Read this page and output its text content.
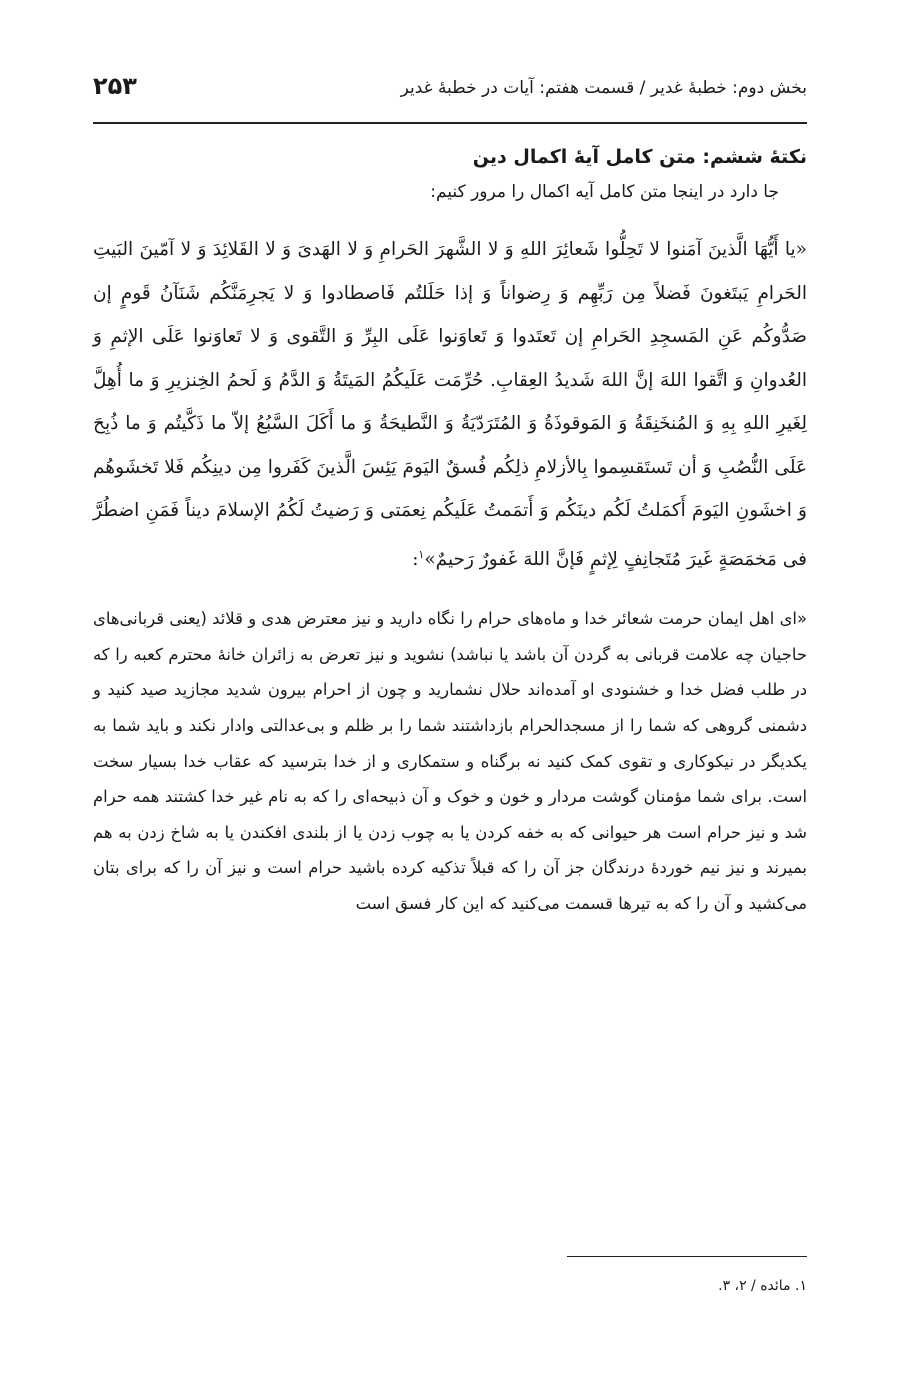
۲۵۳	بخش دوم: خطبۀ غدیر / قسمت هفتم: آیات در خطبۀ غدیر

نکتۀ ششم: متن کامل آیۀ اکمال دین

جا دارد در اینجا متن کامل آیه اکمال را مرور کنیم:

«یا أَیُّهَا الَّذینَ آمَنوا لا تَحِلُّوا شَعائِرَ اللهِ وَ لا الشَّهرَ الحَرامِ وَ لا الهَدیَ وَ لا القَلائِدَ وَ لا آمّینَ البَیتِ الحَرامِ یَبتَغونَ فَضلاً مِن رَبِّهِم وَ رِضواناً وَ إذا حَلَلتُم فَاصطادوا وَ لا یَجرِمَنَّکُم شَنَآنُ قَومٍ إن صَدُّوکُم عَنِ المَسجِدِ الحَرامِ إن تَعتَدوا وَ تَعاوَنوا عَلَی البِرِّ وَ التَّقوی وَ لا تَعاوَنوا عَلَی الإثمِ وَ العُدوانِ وَ اتَّقوا اللهَ إنَّ اللهَ شَدیدُ العِقابِ. حُرِّمَت عَلَیکُمُ المَیتَةُ وَ الدَّمُ وَ لَحمُ الخِنزیرِ وَ ما أُهِلَّ لِغَیرِ اللهِ بِهِ وَ المُنخَنِقَةُ وَ المَوقوذَةُ وَ المُتَرَدّیَةُ وَ النَّطیحَةُ وَ ما أَکَلَ السَّبُعُ إلاّ ما ذَکَّیتُم وَ ما ذُبِحَ عَلَی النُّصُبِ وَ أن تَستَقسِموا بِالأزلامِ ذلِکُم فُسقٌ الیَومَ یَئِسَ الَّذینَ کَفَروا مِن دینِکُم فَلا تَخشَوهُم وَ اخشَونِ الیَومَ أَکمَلتُ لَکُم دینَکُم وَ أَتمَمتُ عَلَیکُم نِعمَتی وَ رَضیتُ لَکُمُ الإسلامَ دیناً فَمَنِ اضطُرَّ فی مَخمَصَةٍ غَیرَ مُتَجانِفٍ لِإثمٍ فَإنَّ اللهَ غَفورٌ رَحیمٌ»$^۱$:

«ای اهل ایمان حرمت شعائر خدا و ماه‌های حرام را نگاه دارید و نیز معترض هدی و قلائد (یعنی قربانی‌های حاجیان چه علامت قربانی به گردن آن باشد یا نباشد) نشوید و نیز تعرض به زائران خانۀ محترم کعبه را که در طلب فضل خدا و خشنودی او آمده‌اند حلال نشمارید و چون از احرام بیرون شدید مجازید صید کنید و دشمنی گروهی که شما را از مسجدالحرام بازداشتند شما را بر ظلم و بی‌عدالتی وادار نکند و باید شما به یکدیگر در نیکوکاری و تقوی کمک کنید نه برگناه و ستمکاری و از خدا بترسید که عقاب خدا بسیار سخت است. برای شما مؤمنان گوشت مردار و خون و خوک و آن ذبیحه‌ای را که به نام غیر خدا کشتند همه حرام شد و نیز حرام است هر حیوانی که به خفه کردن یا به چوب زدن یا از بلندی افکندن یا به شاخ زدن به هم بمیرند و نیز نیم خوردۀ درندگان جز آن را که قبلاً تذکیه کرده باشید حرام است و نیز آن را که برای بتان می‌کشید و آن را که به تیرها قسمت می‌کنید که این کار فسق است

۱. مائده / ۲، ۳.
